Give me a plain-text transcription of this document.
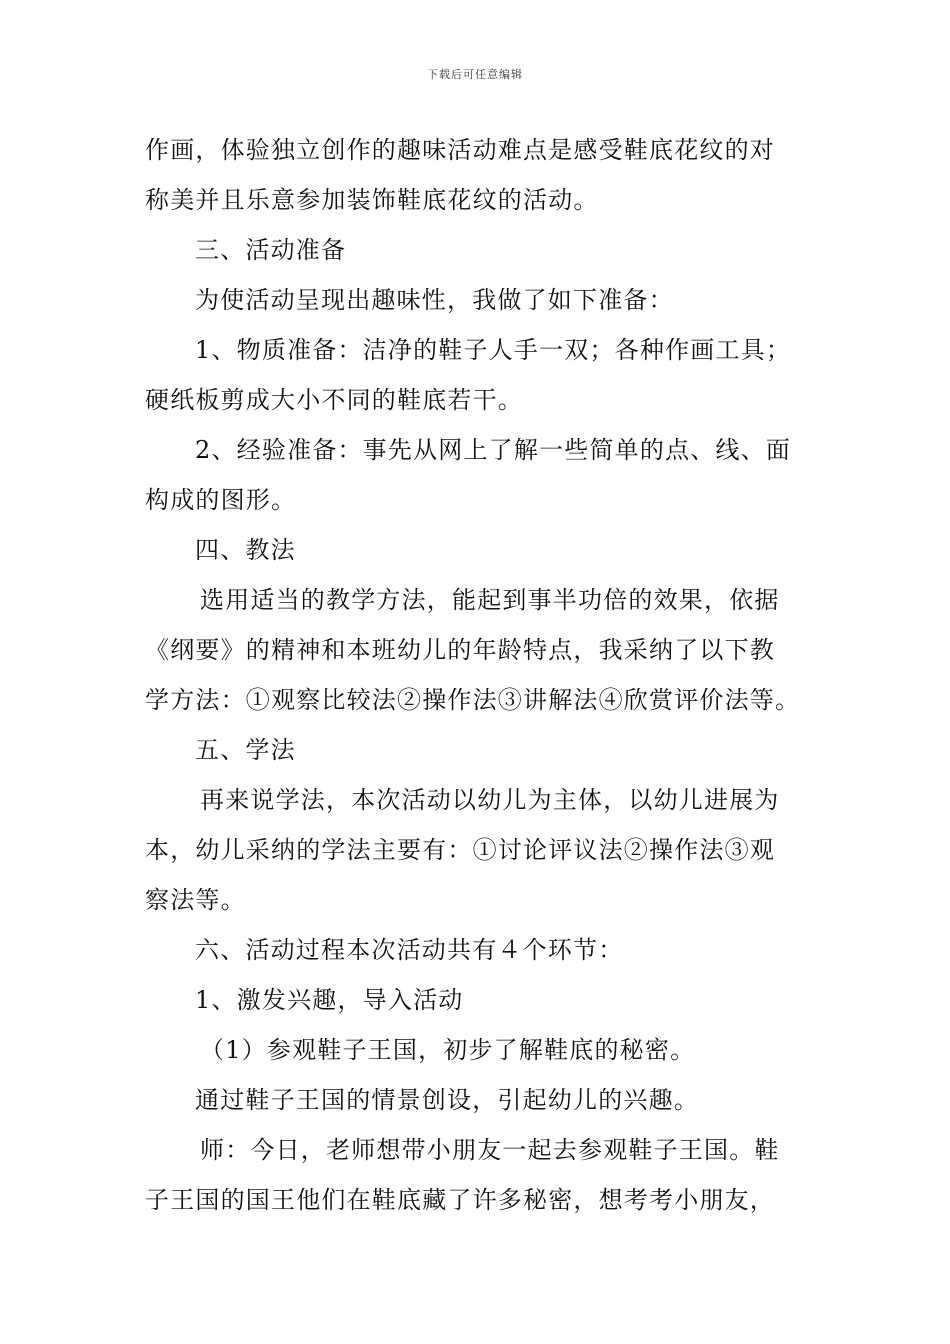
下载后可任意编辑
作画，体验独立创作的趣味活动难点是感受鞋底花纹的对
称美并且乐意参加装饰鞋底花纹的活动。
三、活动准备
为使活动呈现出趣味性，我做了如下准备：
1、物质准备：洁净的鞋子人手一双；各种作画工具；
硬纸板剪成大小不同的鞋底若干。
2、经验准备：事先从网上了解一些简单的点、线、面
构成的图形。
四、教法
选用适当的教学方法，能起到事半功倍的效果，依据
《纲要》的精神和本班幼儿的年龄特点，我采纳了以下教
学方法：①观察比较法②操作法③讲解法④欣赏评价法等。
五、学法
再来说学法，本次活动以幼儿为主体，以幼儿进展为
本，幼儿采纳的学法主要有：①讨论评议法②操作法③观
察法等。
六、活动过程本次活动共有４个环节：
1、激发兴趣，导入活动
（1）参观鞋子王国，初步了解鞋底的秘密。
通过鞋子王国的情景创设，引起幼儿的兴趣。
师：今日，老师想带小朋友一起去参观鞋子王国。鞋
子王国的国王他们在鞋底藏了许多秘密，想考考小朋友，
